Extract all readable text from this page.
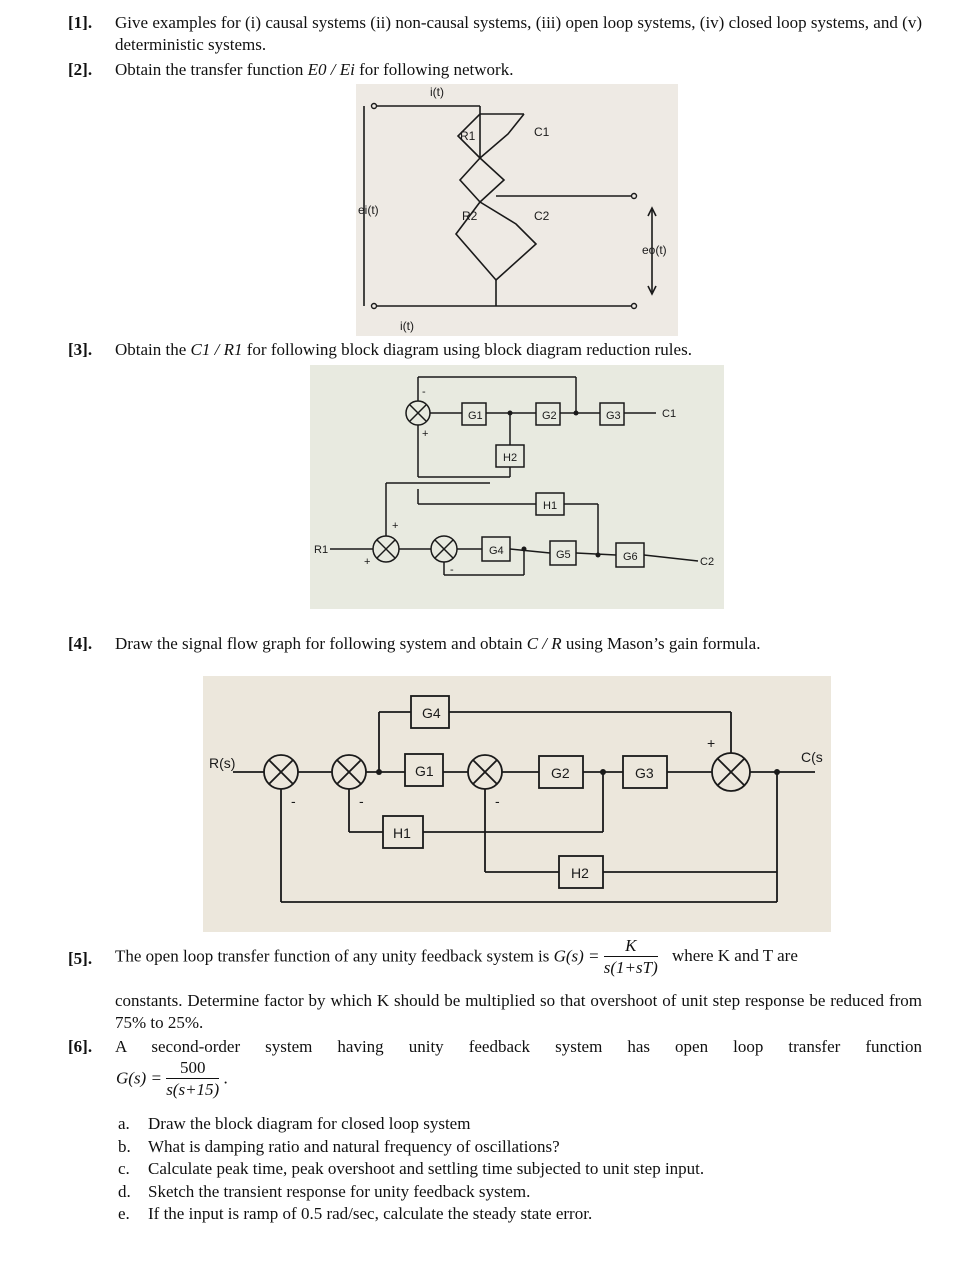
[1]. Give examples for (i) causal systems (ii) non-causal systems, (iii) open loop systems, (iv) closed loop systems, and (v) deterministic systems.
[2]. Obtain the transfer function E0 / Ei for following network.
i(t)
R1	C1
ei(t)	R2	C2
eo(t)
i(t)
[3]. Obtain the C1 / R1 for following block diagram using block diagram reduction rules.
G1	G2	G3
H2
H1
G4	G5	G6
C1
R1
C2
-
+
+
+
-
[4]. Draw the signal flow graph for following system and obtain C / R using Mason’s gain formula.
G4
G1	G2	G3
H1
H2
R(s)	C(s
-	-	-
+
[5]. The open loop transfer function of any unity feedback system is $G(s) = \frac{K}{s(1+sT)}$ where K and T are
constants. Determine factor by which K should be multiplied so that overshoot of unit step response be reduced from 75% to 25%.
[6]. A second-order system having unity feedback system has open loop transfer function
$G(s) = \frac{500}{s(s+15)}$ .
a. Draw the block diagram for closed loop system
b. What is damping ratio and natural frequency of oscillations?
c. Calculate peak time, peak overshoot and settling time subjected to unit step input.
d. Sketch the transient response for unity feedback system.
e. If the input is ramp of 0.5 rad/sec, calculate the steady state error.
